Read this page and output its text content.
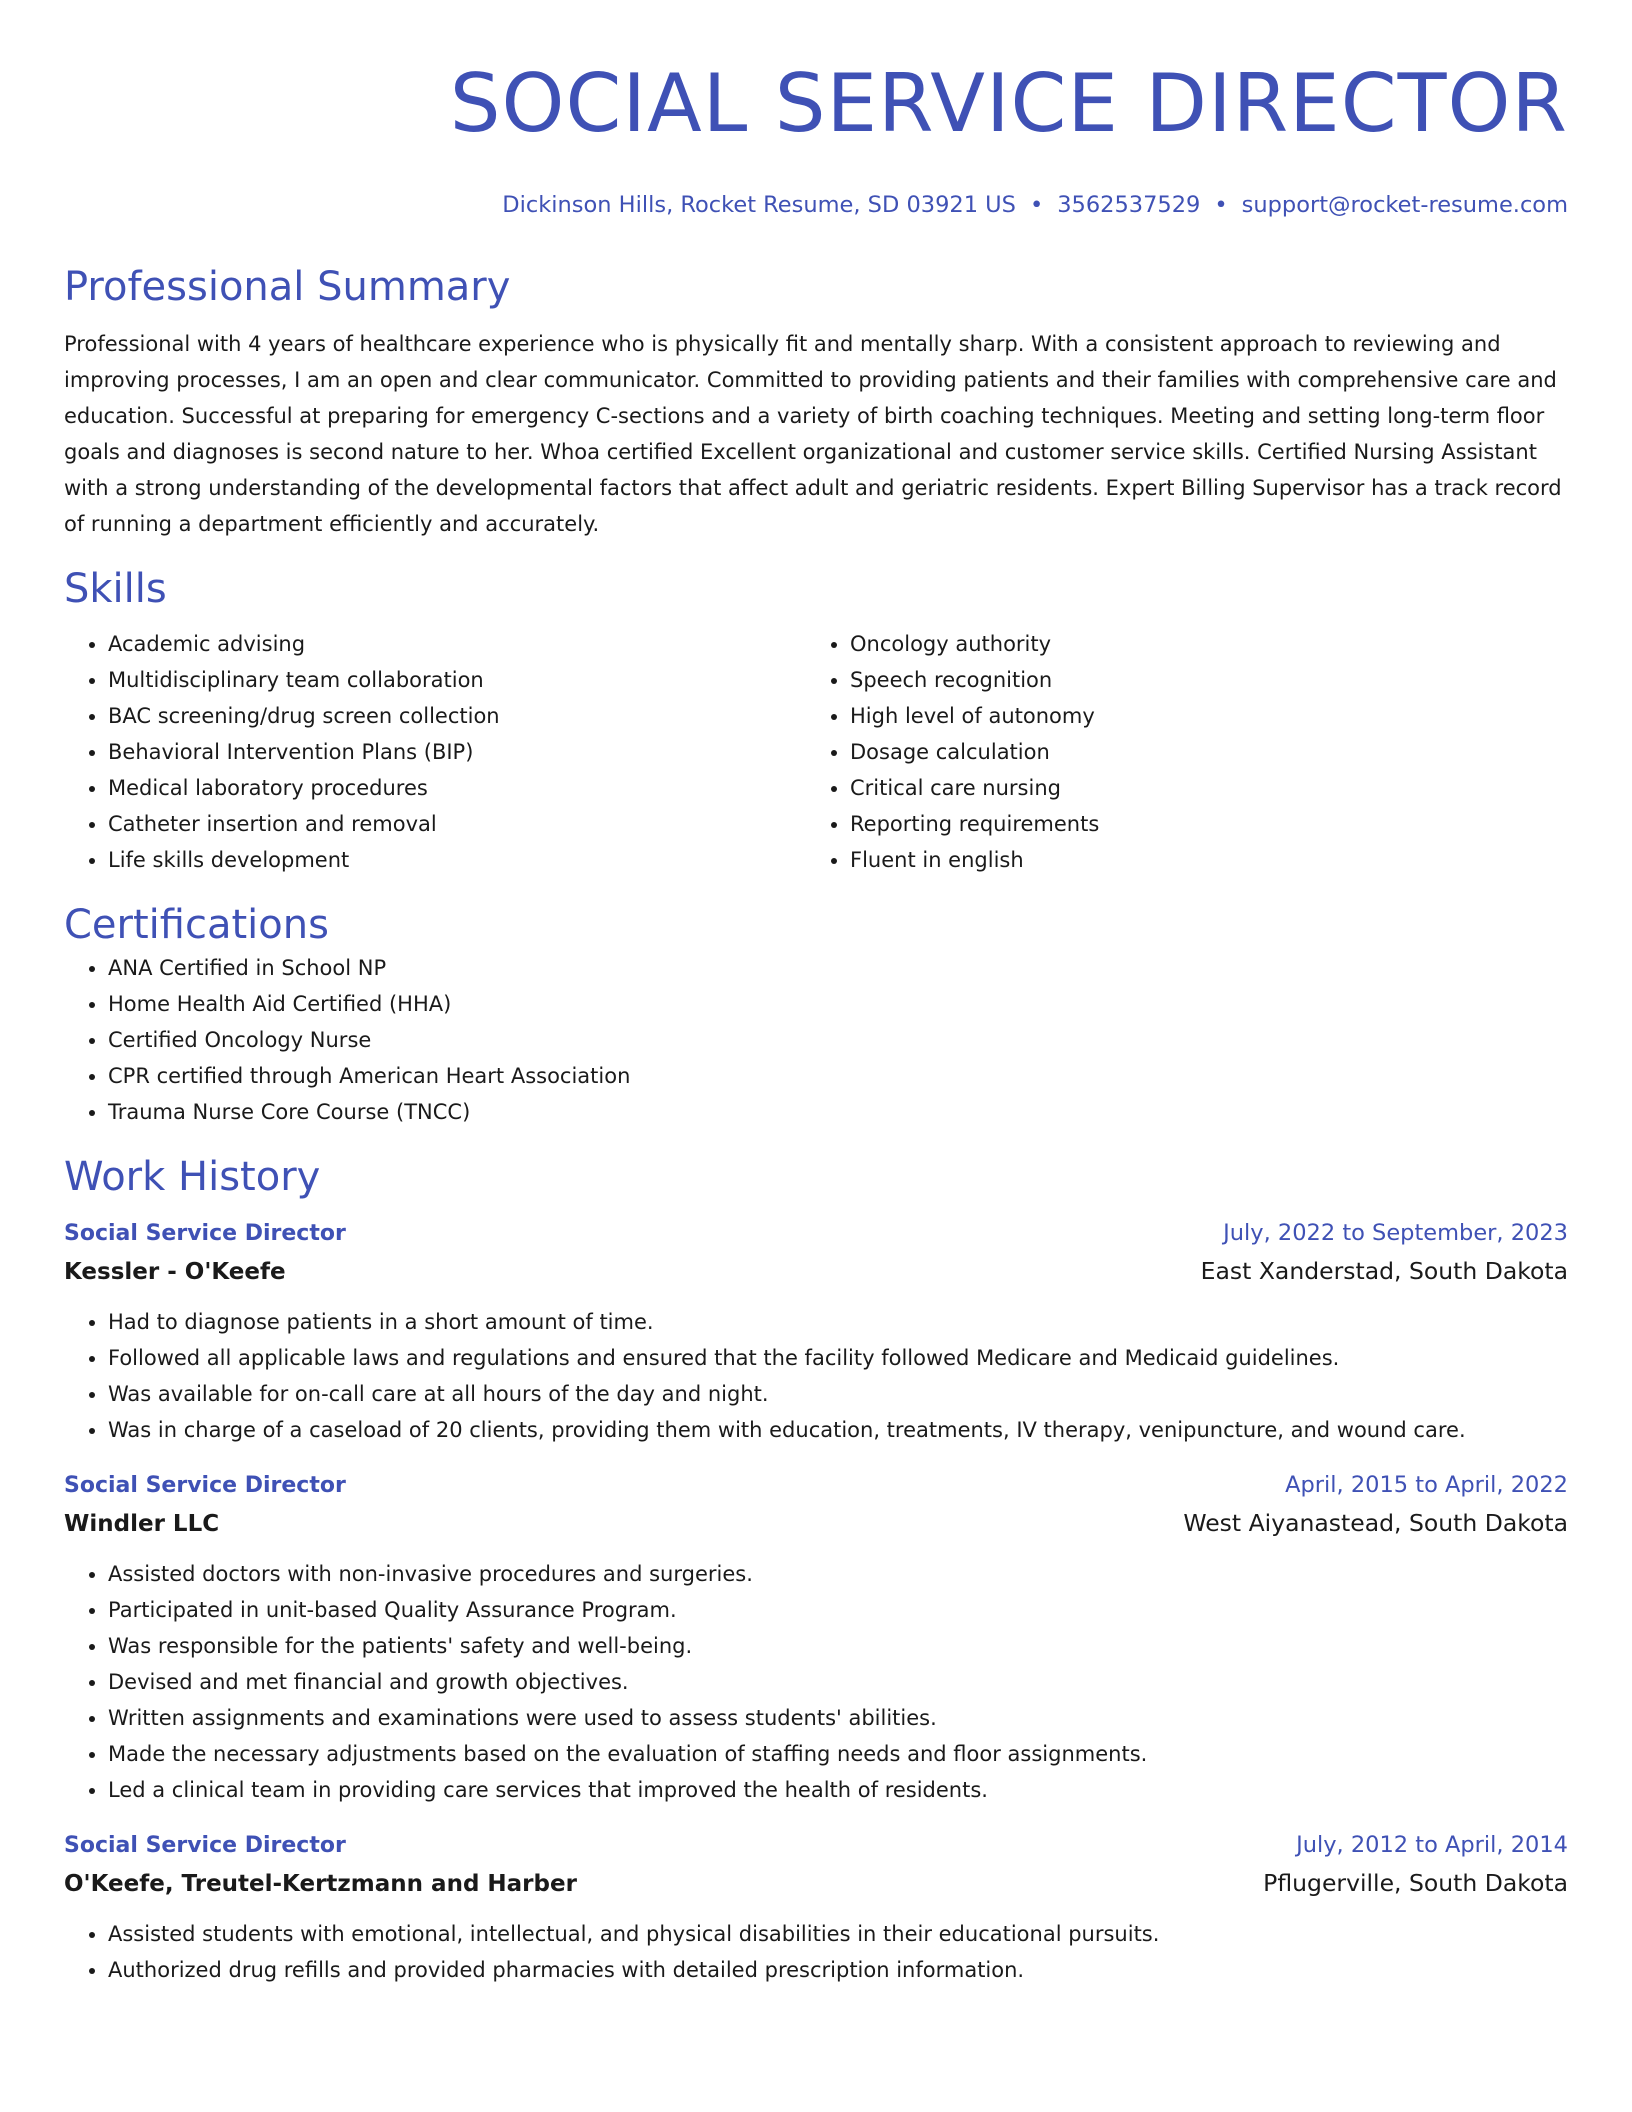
SOCIAL SERVICE DIRECTOR
Dickinson Hills, Rocket Resume, SD 03921 US • 3562537529 • support@rocket-resume.com
Professional Summary

Professional with 4 years of healthcare experience who is physically fit and mentally sharp. With a consistent approach to reviewing and improving processes, I am an open and clear communicator. Committed to providing patients and their families with comprehensive care and education. Successful at preparing for emergency C-sections and a variety of birth coaching techniques. Meeting and setting long-term floor goals and diagnoses is second nature to her. Whoa certified Excellent organizational and customer service skills. Certified Nursing Assistant with a strong understanding of the developmental factors that affect adult and geriatric residents. Expert Billing Supervisor has a track record of running a department efficiently and accurately.

Skills
• Academic advising
• Multidisciplinary team collaboration
• BAC screening/drug screen collection
• Behavioral Intervention Plans (BIP)
• Medical laboratory procedures
• Catheter insertion and removal
• Life skills development
• Oncology authority
• Speech recognition
• High level of autonomy
• Dosage calculation
• Critical care nursing
• Reporting requirements
• Fluent in english
Certifications
• ANA Certified in School NP
• Home Health Aid Certified (HHA)
• Certified Oncology Nurse
• CPR certified through American Heart Association
• Trauma Nurse Core Course (TNCC)
Work History
Social Service Director	July, 2022 to September, 2023
Kessler - O'Keefe	East Xanderstad, South Dakota
• Had to diagnose patients in a short amount of time.
• Followed all applicable laws and regulations and ensured that the facility followed Medicare and Medicaid guidelines.
• Was available for on-call care at all hours of the day and night.
• Was in charge of a caseload of 20 clients, providing them with education, treatments, IV therapy, venipuncture, and wound care.
Social Service Director	April, 2015 to April, 2022
Windler LLC	West Aiyanastead, South Dakota
• Assisted doctors with non-invasive procedures and surgeries.
• Participated in unit-based Quality Assurance Program.
• Was responsible for the patients' safety and well-being.
• Devised and met financial and growth objectives.
• Written assignments and examinations were used to assess students' abilities.
• Made the necessary adjustments based on the evaluation of staffing needs and floor assignments.
• Led a clinical team in providing care services that improved the health of residents.
Social Service Director	July, 2012 to April, 2014
O'Keefe, Treutel-Kertzmann and Harber	Pflugerville, South Dakota
• Assisted students with emotional, intellectual, and physical disabilities in their educational pursuits.
• Authorized drug refills and provided pharmacies with detailed prescription information.
